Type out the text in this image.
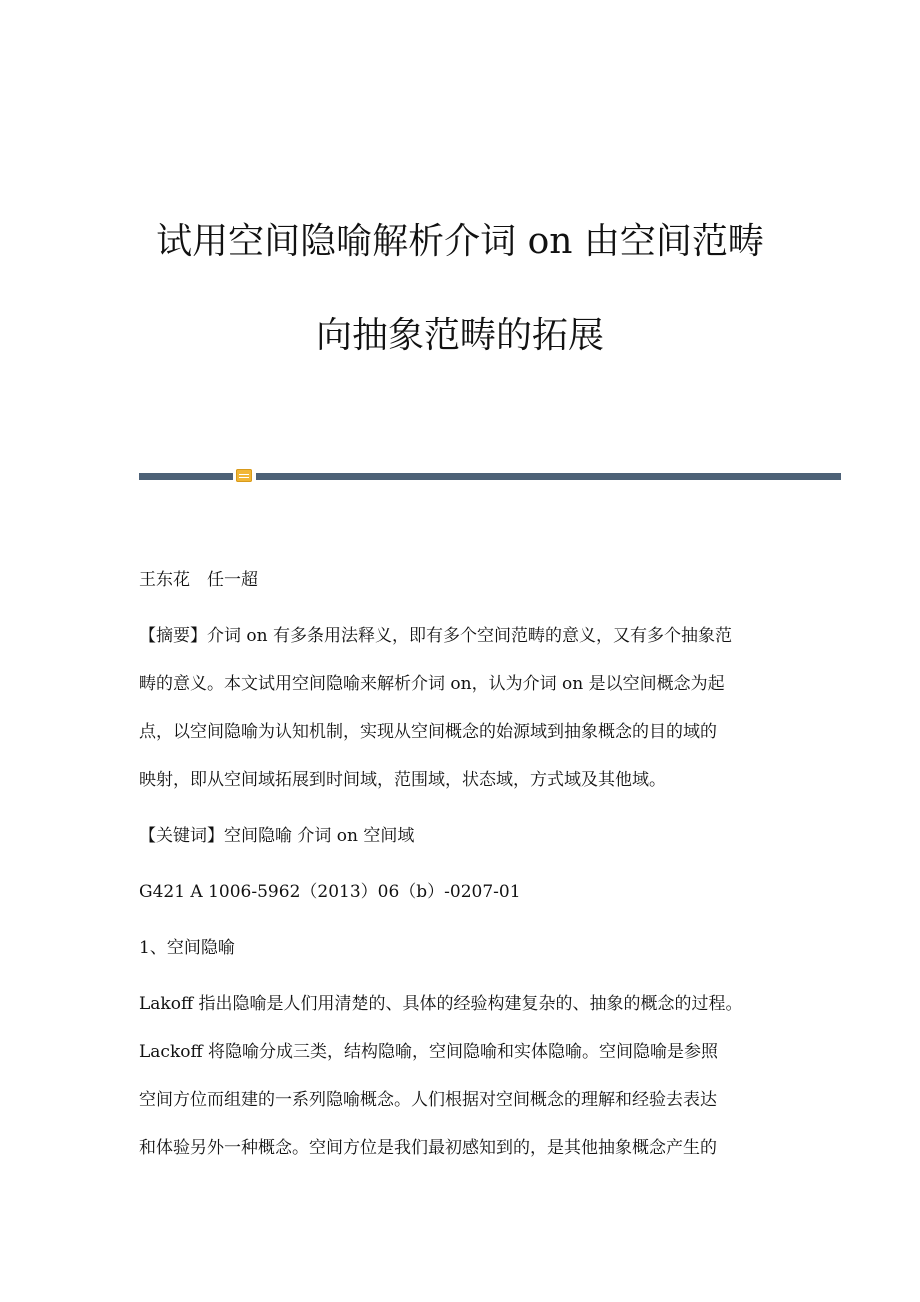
试用空间隐喻解析介词 on 由空间范畴
向抽象范畴的拓展
王东花　任一超
【摘要】介词 on 有多条用法释义，即有多个空间范畴的意义，又有多个抽象范
畴的意义。本文试用空间隐喻来解析介词 on，认为介词 on 是以空间概念为起
点，以空间隐喻为认知机制，实现从空间概念的始源域到抽象概念的目的域的
映射，即从空间域拓展到时间域，范围域，状态域，方式域及其他域。
【关键词】空间隐喻 介词 on 空间域
G421 A 1006-5962（2013）06（b）-0207-01
1、空间隐喻
Lakoff 指出隐喻是人们用清楚的、具体的经验构建复杂的、抽象的概念的过程。
Lackoff 将隐喻分成三类，结构隐喻，空间隐喻和实体隐喻。空间隐喻是参照
空间方位而组建的一系列隐喻概念。人们根据对空间概念的理解和经验去表达
和体验另外一种概念。空间方位是我们最初感知到的，是其他抽象概念产生的
